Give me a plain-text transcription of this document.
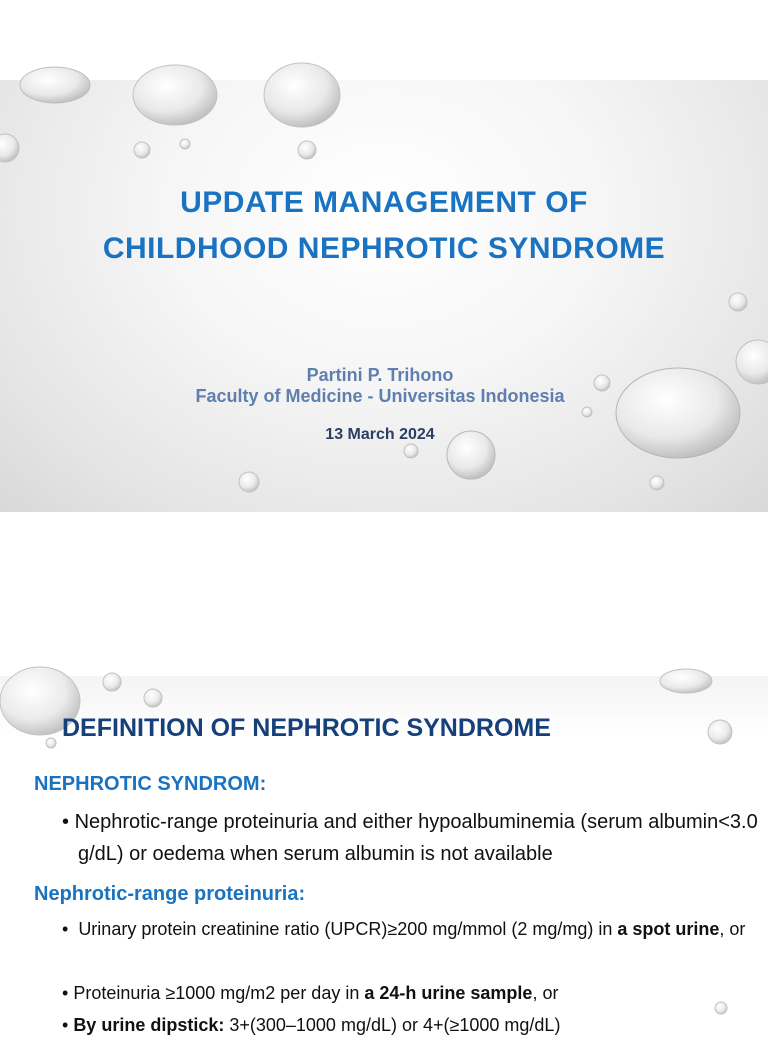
UPDATE MANAGEMENT OF
CHILDHOOD NEPHROTIC SYNDROME
Partini P. Trihono
Faculty of Medicine - Universitas Indonesia
13 March 2024
DEFINITION OF NEPHROTIC SYNDROME
NEPHROTIC SYNDROM:
• Nephrotic-range proteinuria and either hypoalbuminemia (serum albumin<3.0 g/dL) or oedema when serum albumin is not available
Nephrotic-range proteinuria:
•  Urinary protein creatinine ratio (UPCR)≥200 mg/mmol (2 mg/mg) in a spot urine, or
• Proteinuria ≥1000 mg/m2 per day in a 24-h urine sample, or
• By urine dipstick: 3+(300–1000 mg/dL) or 4+(≥1000 mg/dL)
